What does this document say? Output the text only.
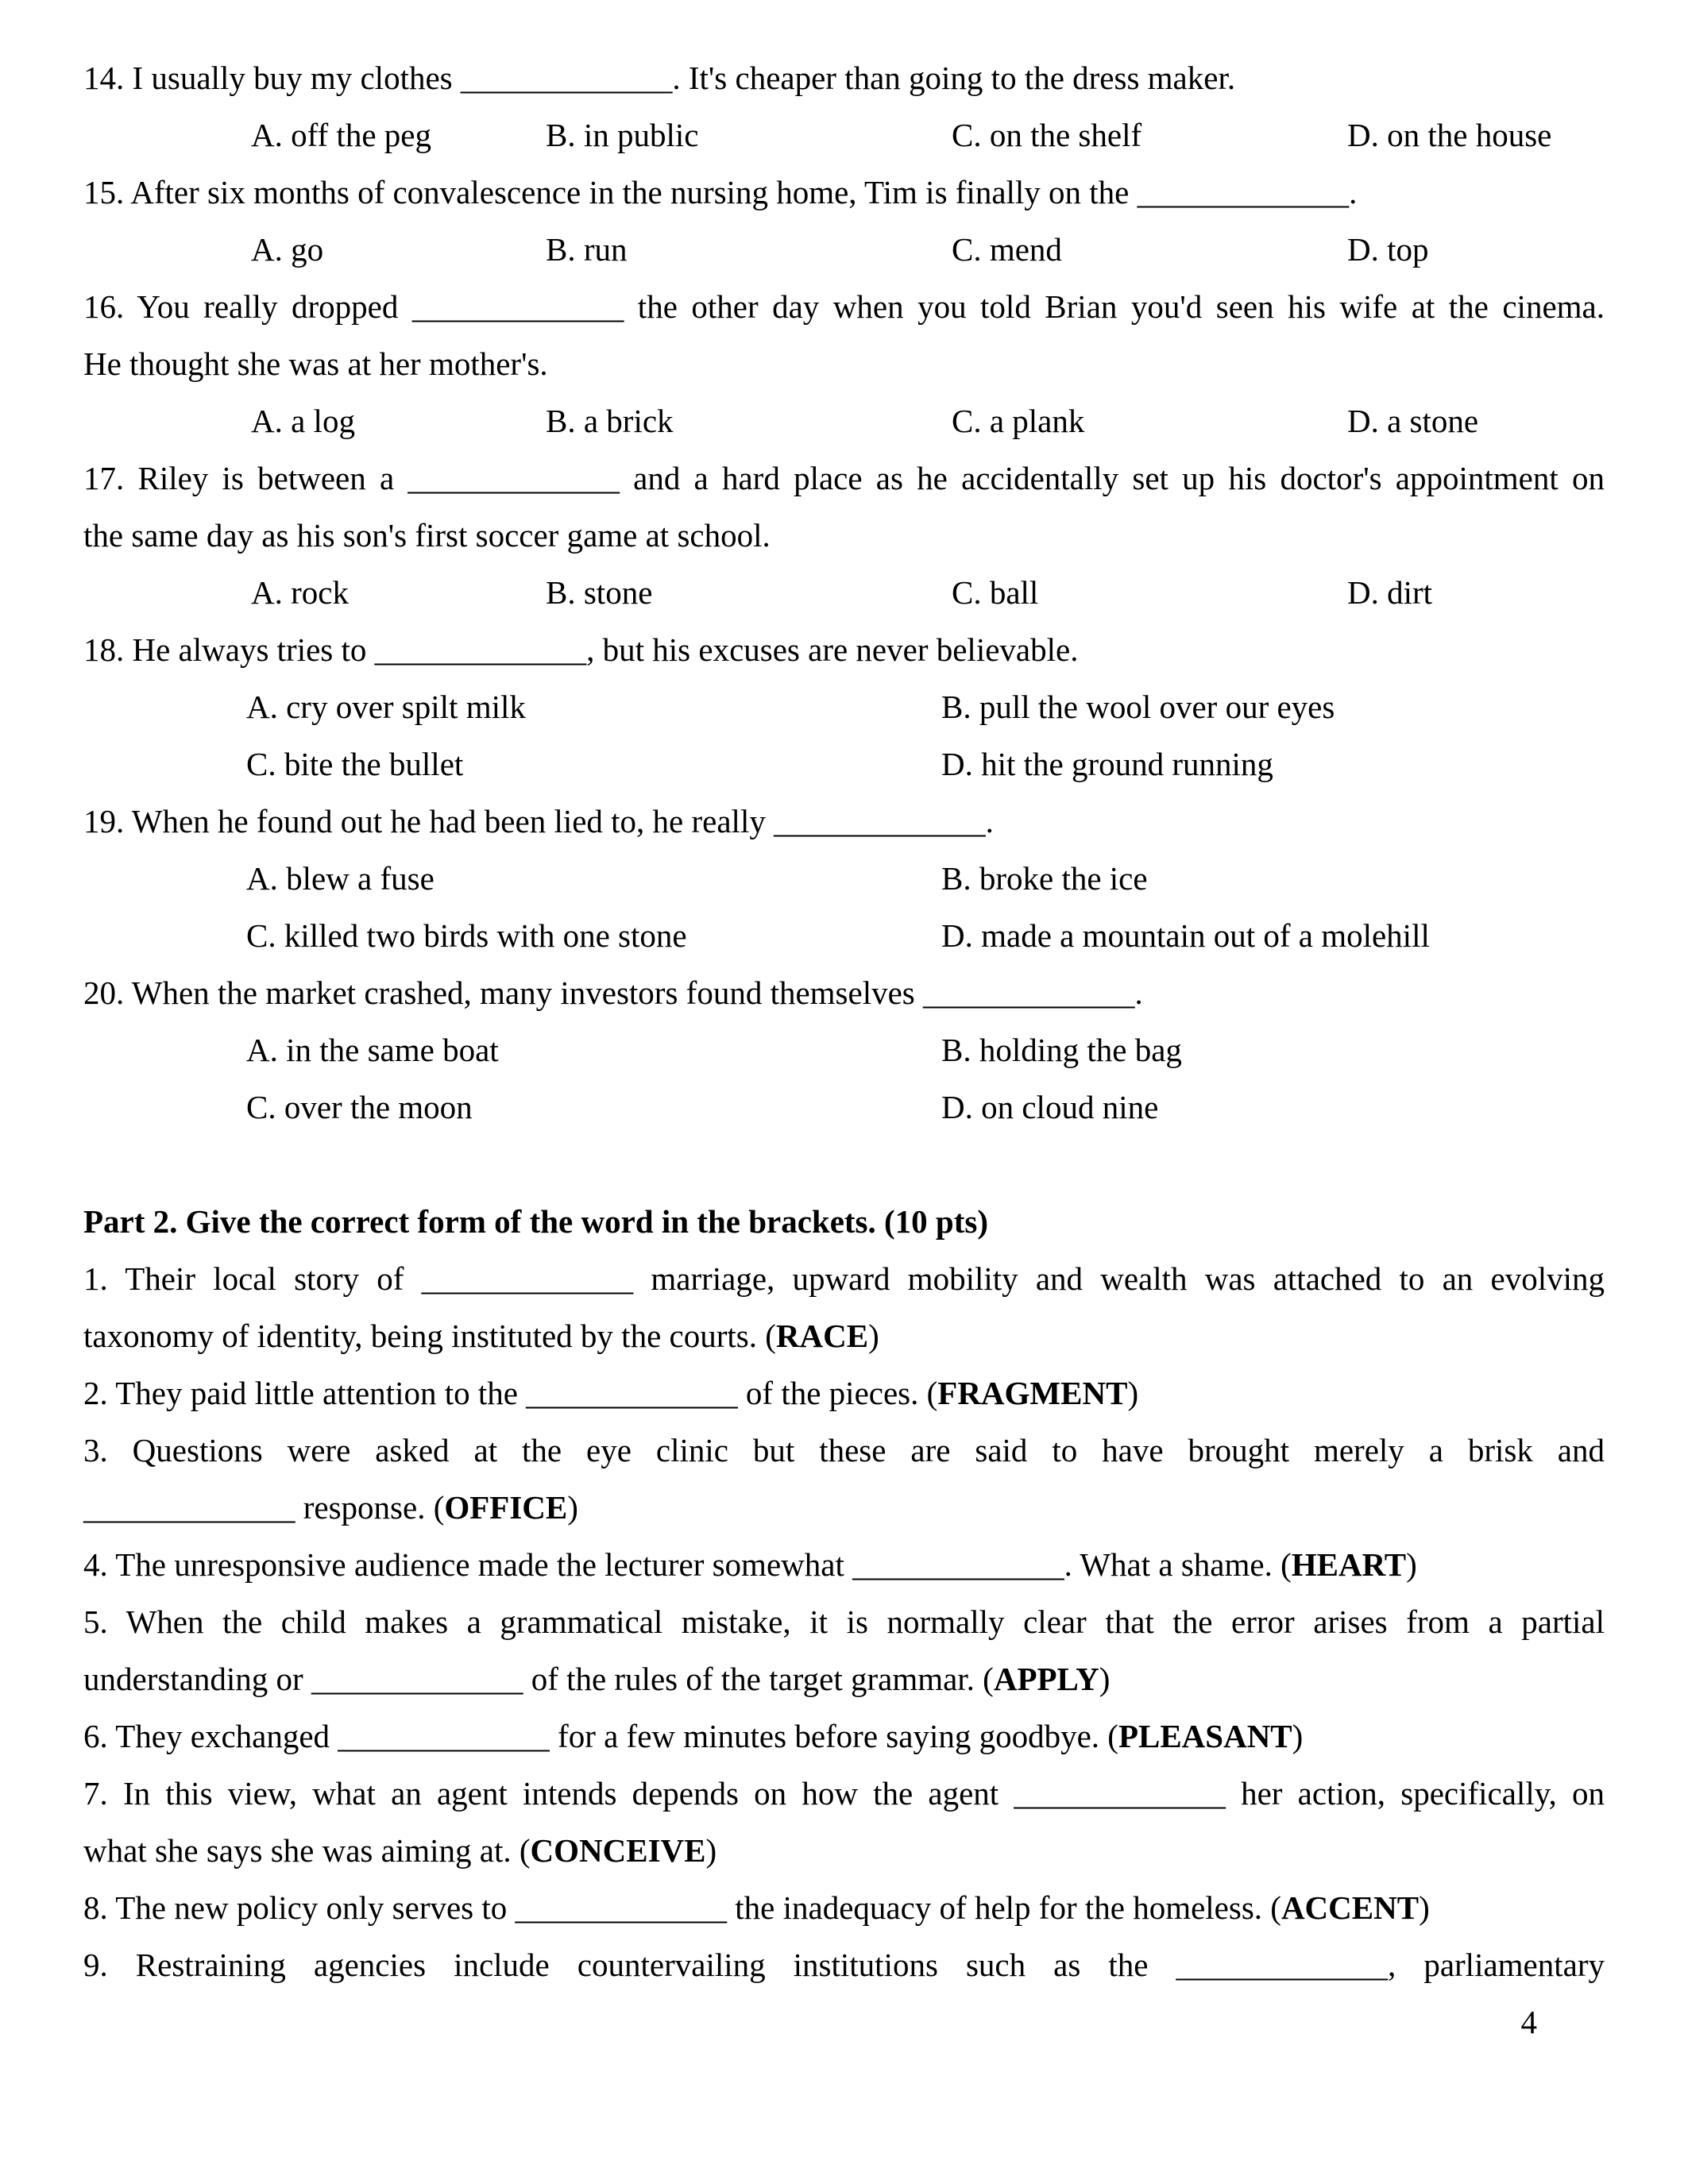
14. I usually buy my clothes _____________. It's cheaper than going to the dress maker.
A. off the peg	B. in public	C. on the shelf	D. on the house
15. After six months of convalescence in the nursing home, Tim is finally on the _____________.
A. go	B. run	C. mend	D. top
16. You really dropped _____________ the other day when you told Brian you'd seen his wife at the cinema.
He thought she was at her mother's.
A. a log	B. a brick	C. a plank	D. a stone
17. Riley is between a _____________ and a hard place as he accidentally set up his doctor's appointment on
the same day as his son's first soccer game at school.
A. rock	B. stone	C. ball	D. dirt
18. He always tries to _____________, but his excuses are never believable.
A. cry over spilt milk	B. pull the wool over our eyes
C. bite the bullet	D. hit the ground running
19. When he found out he had been lied to, he really _____________.
A. blew a fuse	B. broke the ice
C. killed two birds with one stone	D. made a mountain out of a molehill
20. When the market crashed, many investors found themselves _____________.
A. in the same boat	B. holding the bag
C. over the moon	D. on cloud nine
Part 2. Give the correct form of the word in the brackets. (10 pts)
1. Their local story of _____________ marriage, upward mobility and wealth was attached to an evolving
taxonomy of identity, being instituted by the courts. (RACE)
2. They paid little attention to the _____________ of the pieces. (FRAGMENT)
3. Questions were asked at the eye clinic but these are said to have brought merely a brisk and
_____________ response. (OFFICE)
4. The unresponsive audience made the lecturer somewhat _____________. What a shame. (HEART)
5. When the child makes a grammatical mistake, it is normally clear that the error arises from a partial
understanding or _____________ of the rules of the target grammar. (APPLY)
6. They exchanged _____________ for a few minutes before saying goodbye. (PLEASANT)
7. In this view, what an agent intends depends on how the agent _____________ her action, specifically, on
what she says she was aiming at. (CONCEIVE)
8. The new policy only serves to _____________ the inadequacy of help for the homeless. (ACCENT)
9. Restraining agencies include countervailing institutions such as the _____________, parliamentary
4
